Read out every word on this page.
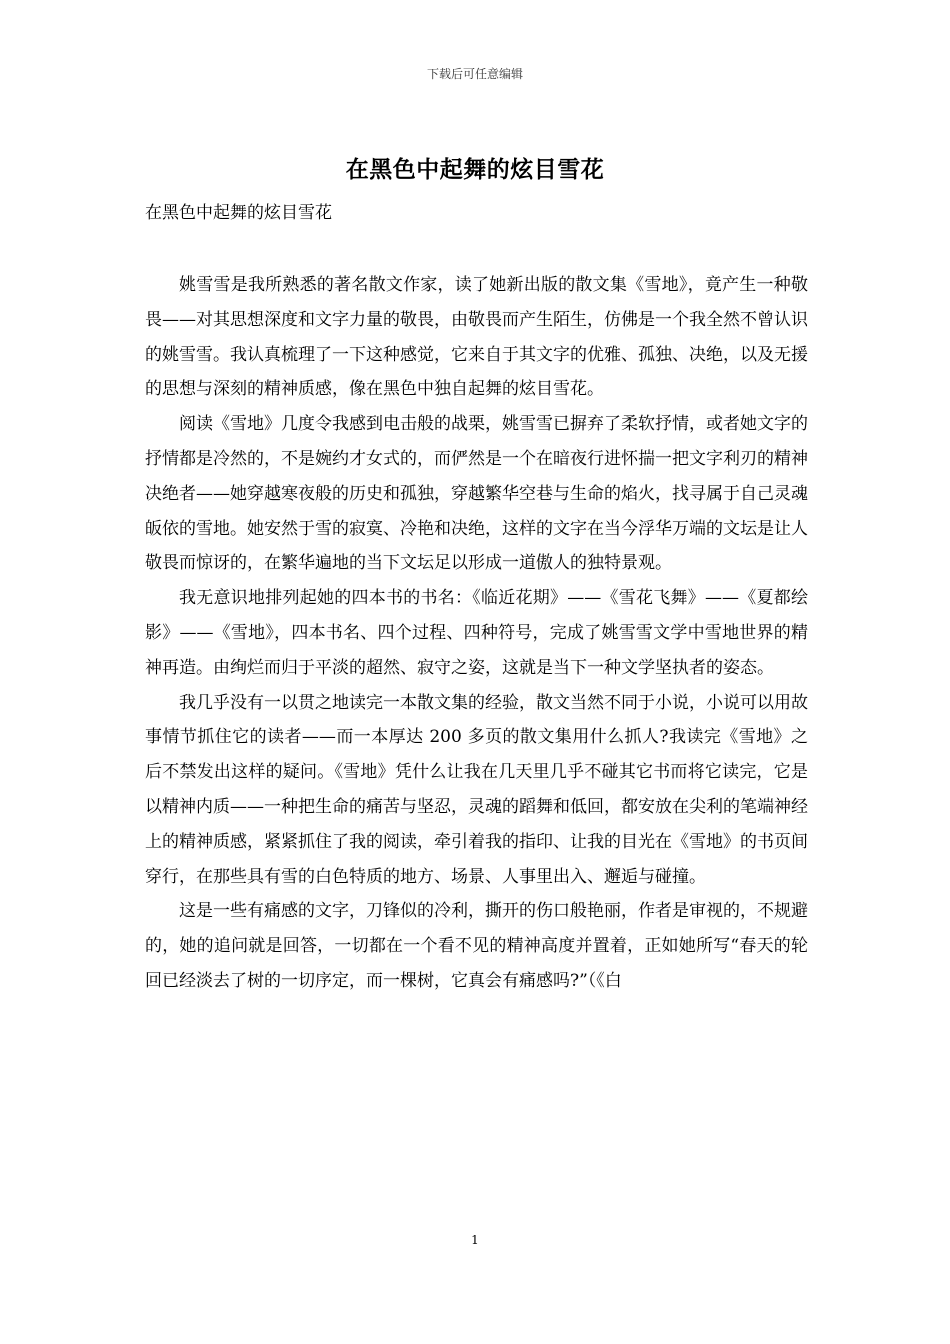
下载后可任意编辑
在黑色中起舞的炫目雪花
在黑色中起舞的炫目雪花

姚雪雪是我所熟悉的著名散文作家，读了她新出版的散文集《雪地》，竟产生一种敬畏——对其思想深度和文字力量的敬畏，由敬畏而产生陌生，仿佛是一个我全然不曾认识的姚雪雪。我认真梳理了一下这种感觉，它来自于其文字的优雅、孤独、决绝，以及无援的思想与深刻的精神质感，像在黑色中独自起舞的炫目雪花。

阅读《雪地》几度令我感到电击般的战栗，姚雪雪已摒弃了柔软抒情，或者她文字的抒情都是冷然的，不是婉约才女式的，而俨然是一个在暗夜行进怀揣一把文字利刃的精神决绝者——她穿越寒夜般的历史和孤独，穿越繁华空巷与生命的焰火，找寻属于自己灵魂皈依的雪地。她安然于雪的寂寞、冷艳和决绝，这样的文字在当今浮华万端的文坛是让人敬畏而惊讶的，在繁华遍地的当下文坛足以形成一道傲人的独特景观。

我无意识地排列起她的四本书的书名：《临近花期》——《雪花飞舞》——《夏都绘影》——《雪地》，四本书名、四个过程、四种符号，完成了姚雪雪文学中雪地世界的精神再造。由绚烂而归于平淡的超然、寂守之姿，这就是当下一种文学坚执者的姿态。

我几乎没有一以贯之地读完一本散文集的经验，散文当然不同于小说，小说可以用故事情节抓住它的读者——而一本厚达 200 多页的散文集用什么抓人?我读完《雪地》之后不禁发出这样的疑问。《雪地》凭什么让我在几天里几乎不碰其它书而将它读完，它是以精神内质——一种把生命的痛苦与坚忍，灵魂的蹈舞和低回，都安放在尖利的笔端神经上的精神质感，紧紧抓住了我的阅读，牵引着我的指印、让我的目光在《雪地》的书页间穿行，在那些具有雪的白色特质的地方、场景、人事里出入、邂逅与碰撞。

这是一些有痛感的文字，刀锋似的冷利，撕开的伤口般艳丽，作者是审视的，不规避的，她的追问就是回答，一切都在一个看不见的精神高度并置着，正如她所写“春天的轮回已经淡去了树的一切序定，而一棵树，它真会有痛感吗?”（《白

1
